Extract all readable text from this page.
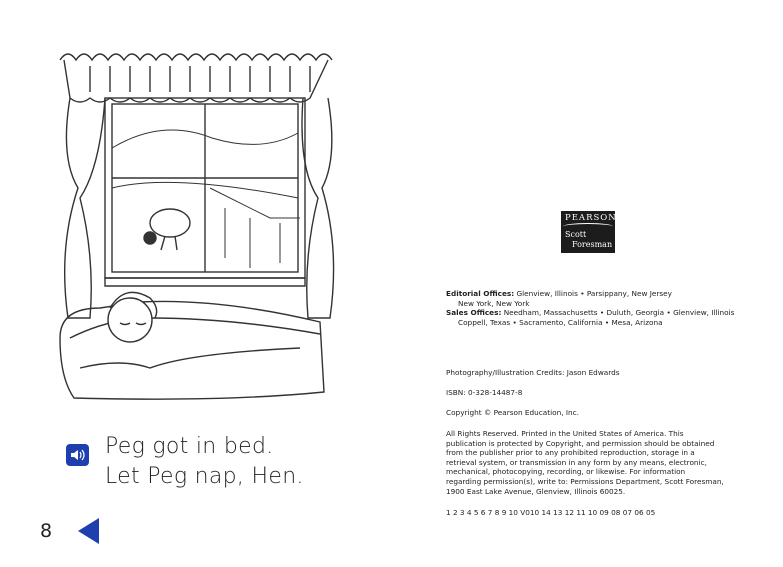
Peg got in bed.
Let Peg nap, Hen.
8
PEARSON
Scott
Foresman
Editorial Offices: Glenview, Illinois • Parsippany, New Jersey
New York, New York
Sales Offices: Needham, Massachusetts • Duluth, Georgia • Glenview, Illinois
Coppell, Texas • Sacramento, California • Mesa, Arizona
Photography/Illustration Credits: Jason Edwards
ISBN: 0-328-14487-8
Copyright © Pearson Education, Inc.
All Rights Reserved. Printed in the United States of America. This
publication is protected by Copyright, and permission should be obtained
from the publisher prior to any prohibited reproduction, storage in a
retrieval system, or transmission in any form by any means, electronic,
mechanical, photocopying, recording, or likewise. For information
regarding permission(s), write to: Permissions Department, Scott Foresman,
1900 East Lake Avenue, Glenview, Illinois 60025.
1 2 3 4 5 6 7 8 9 10 V010 14 13 12 11 10 09 08 07 06 05
